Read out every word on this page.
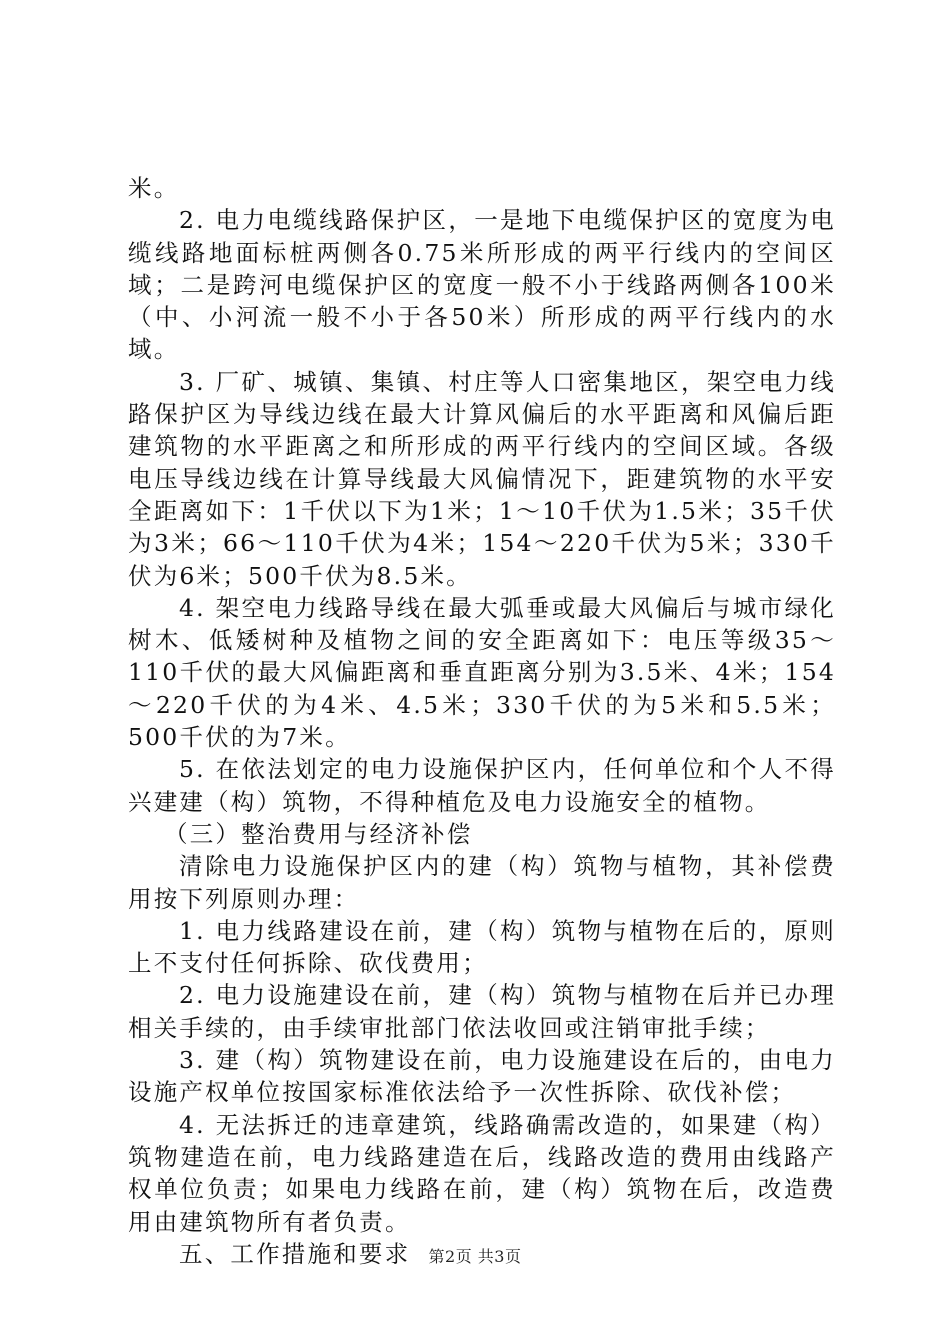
米。

2. 电力电缆线路保护区，一是地下电缆保护区的宽度为电缆线路地面标桩两侧各0.75米所形成的两平行线内的空间区域；二是跨河电缆保护区的宽度一般不小于线路两侧各100米（中、小河流一般不小于各50米）所形成的两平行线内的水域。

3. 厂矿、城镇、集镇、村庄等人口密集地区，架空电力线路保护区为导线边线在最大计算风偏后的水平距离和风偏后距建筑物的水平距离之和所形成的两平行线内的空间区域。各级电压导线边线在计算导线最大风偏情况下，距建筑物的水平安全距离如下：1千伏以下为1米；1～10千伏为1.5米；35千伏为3米；66～110千伏为4米；154～220千伏为5米；330千伏为6米；500千伏为8.5米。

4. 架空电力线路导线在最大弧垂或最大风偏后与城市绿化树木、低矮树种及植物之间的安全距离如下：电压等级35～110千伏的最大风偏距离和垂直距离分别为3.5米、4米；154～220千伏的为4米、4.5米；330千伏的为5米和5.5米；500千伏的为7米。

5. 在依法划定的电力设施保护区内，任何单位和个人不得兴建建（构）筑物，不得种植危及电力设施安全的植物。

（三）整治费用与经济补偿

清除电力设施保护区内的建（构）筑物与植物，其补偿费用按下列原则办理：

1. 电力线路建设在前，建（构）筑物与植物在后的，原则上不支付任何拆除、砍伐费用；

2. 电力设施建设在前，建（构）筑物与植物在后并已办理相关手续的，由手续审批部门依法收回或注销审批手续；

3. 建（构）筑物建设在前，电力设施建设在后的，由电力设施产权单位按国家标准依法给予一次性拆除、砍伐补偿；

4. 无法拆迁的违章建筑，线路确需改造的，如果建（构）筑物建造在前，电力线路建造在后，线路改造的费用由线路产权单位负责；如果电力线路在前，建（构）筑物在后，改造费用由建筑物所有者负责。

五、工作措施和要求	第2页 共3页
